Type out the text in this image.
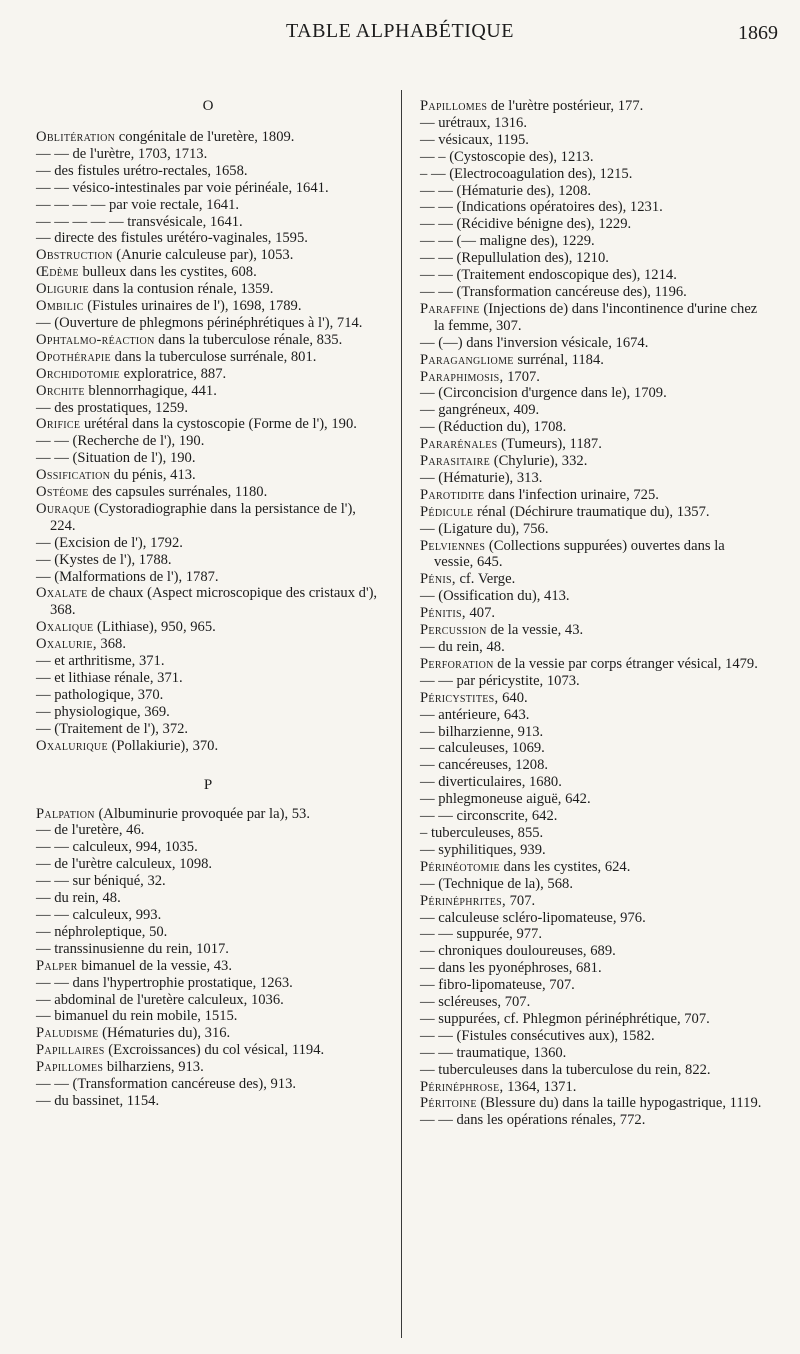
TABLE ALPHABÉTIQUE	1869
O

Oblitération congénitale de l'uretère, 1809.

— — de l'urètre, 1703, 1713.

— des fistules urétro-rectales, 1658.

— — vésico-intestinales par voie périnéale, 1641.

— — — — par voie rectale, 1641.

— — — — — transvésicale, 1641.

— directe des fistules urétéro-vaginales, 1595.

Obstruction (Anurie calculeuse par), 1053.

Œdème bulleux dans les cystites, 608.

Oligurie dans la contusion rénale, 1359.

Ombilic (Fistules urinaires de l'), 1698, 1789.

— (Ouverture de phlegmons périnéphrétiques à l'), 714.

Ophtalmo-réaction dans la tuberculose rénale, 835.

Opothérapie dans la tuberculose surrénale, 801.

Orchidotomie exploratrice, 887.

Orchite blennorrhagique, 441.

— des prostatiques, 1259.

Orifice urétéral dans la cystoscopie (Forme de l'), 190.

— — (Recherche de l'), 190.

— — (Situation de l'), 190.

Ossification du pénis, 413.

Ostéome des capsules surrénales, 1180.

Ouraque (Cystoradiographie dans la persistance de l'), 224.

— (Excision de l'), 1792.

— (Kystes de l'), 1788.

— (Malformations de l'), 1787.

Oxalate de chaux (Aspect microscopique des cristaux d'), 368.

Oxalique (Lithiase), 950, 965.

Oxalurie, 368.

— et arthritisme, 371.

— et lithiase rénale, 371.

— pathologique, 370.

— physiologique, 369.

— (Traitement de l'), 372.

Oxalurique (Pollakiurie), 370.

P

Palpation (Albuminurie provoquée par la), 53.

— de l'uretère, 46.

— — calculeux, 994, 1035.

— de l'urètre calculeux, 1098.

— — sur béniqué, 32.

— du rein, 48.

— — calculeux, 993.

— néphroleptique, 50.

— transsinusienne du rein, 1017.

Palper bimanuel de la vessie, 43.

— — dans l'hypertrophie prostatique, 1263.

— abdominal de l'uretère calculeux, 1036.

— bimanuel du rein mobile, 1515.

Paludisme (Hématuries du), 316.

Papillaires (Excroissances) du col vésical, 1194.

Papillomes bilharziens, 913.

— — (Transformation cancéreuse des), 913.

— du bassinet, 1154.

Papillomes de l'urètre postérieur, 177.

— urétraux, 1316.

— vésicaux, 1195.

— – (Cystoscopie des), 1213.

– — (Electrocoagulation des), 1215.

— — (Hématurie des), 1208.

— — (Indications opératoires des), 1231.

— — (Récidive bénigne des), 1229.

— — (— maligne des), 1229.

— — (Repullulation des), 1210.

— — (Traitement endoscopique des), 1214.

— — (Transformation cancéreuse des), 1196.

Paraffine (Injections de) dans l'incontinence d'urine chez la femme, 307.

— (—) dans l'inversion vésicale, 1674.

Paragangliome surrénal, 1184.

Paraphimosis, 1707.

— (Circoncision d'urgence dans le), 1709.

— gangréneux, 409.

— (Réduction du), 1708.

Pararénales (Tumeurs), 1187.

Parasitaire (Chylurie), 332.

— (Hématurie), 313.

Parotidite dans l'infection urinaire, 725.

Pédicule rénal (Déchirure traumatique du), 1357.

— (Ligature du), 756.

Pelviennes (Collections suppurées) ouvertes dans la vessie, 645.

Pénis, cf. Verge.

— (Ossification du), 413.

Pénitis, 407.

Percussion de la vessie, 43.

— du rein, 48.

Perforation de la vessie par corps étranger vésical, 1479.

— — par péricystite, 1073.

Péricystites, 640.

— antérieure, 643.

— bilharzienne, 913.

— calculeuses, 1069.

— cancéreuses, 1208.

— diverticulaires, 1680.

— phlegmoneuse aiguë, 642.

— — circonscrite, 642.

– tuberculeuses, 855.

— syphilitiques, 939.

Périnéotomie dans les cystites, 624.

— (Technique de la), 568.

Périnéphrites, 707.

— calculeuse scléro-lipomateuse, 976.

— — suppurée, 977.

— chroniques douloureuses, 689.

— dans les pyonéphroses, 681.

— fibro-lipomateuse, 707.

— scléreuses, 707.

— suppurées, cf. Phlegmon périnéphrétique, 707.

— — (Fistules consécutives aux), 1582.

— — traumatique, 1360.

— tuberculeuses dans la tuberculose du rein, 822.

Périnéphrose, 1364, 1371.

Péritoine (Blessure du) dans la taille hypogastrique, 1119.

— — dans les opérations rénales, 772.
